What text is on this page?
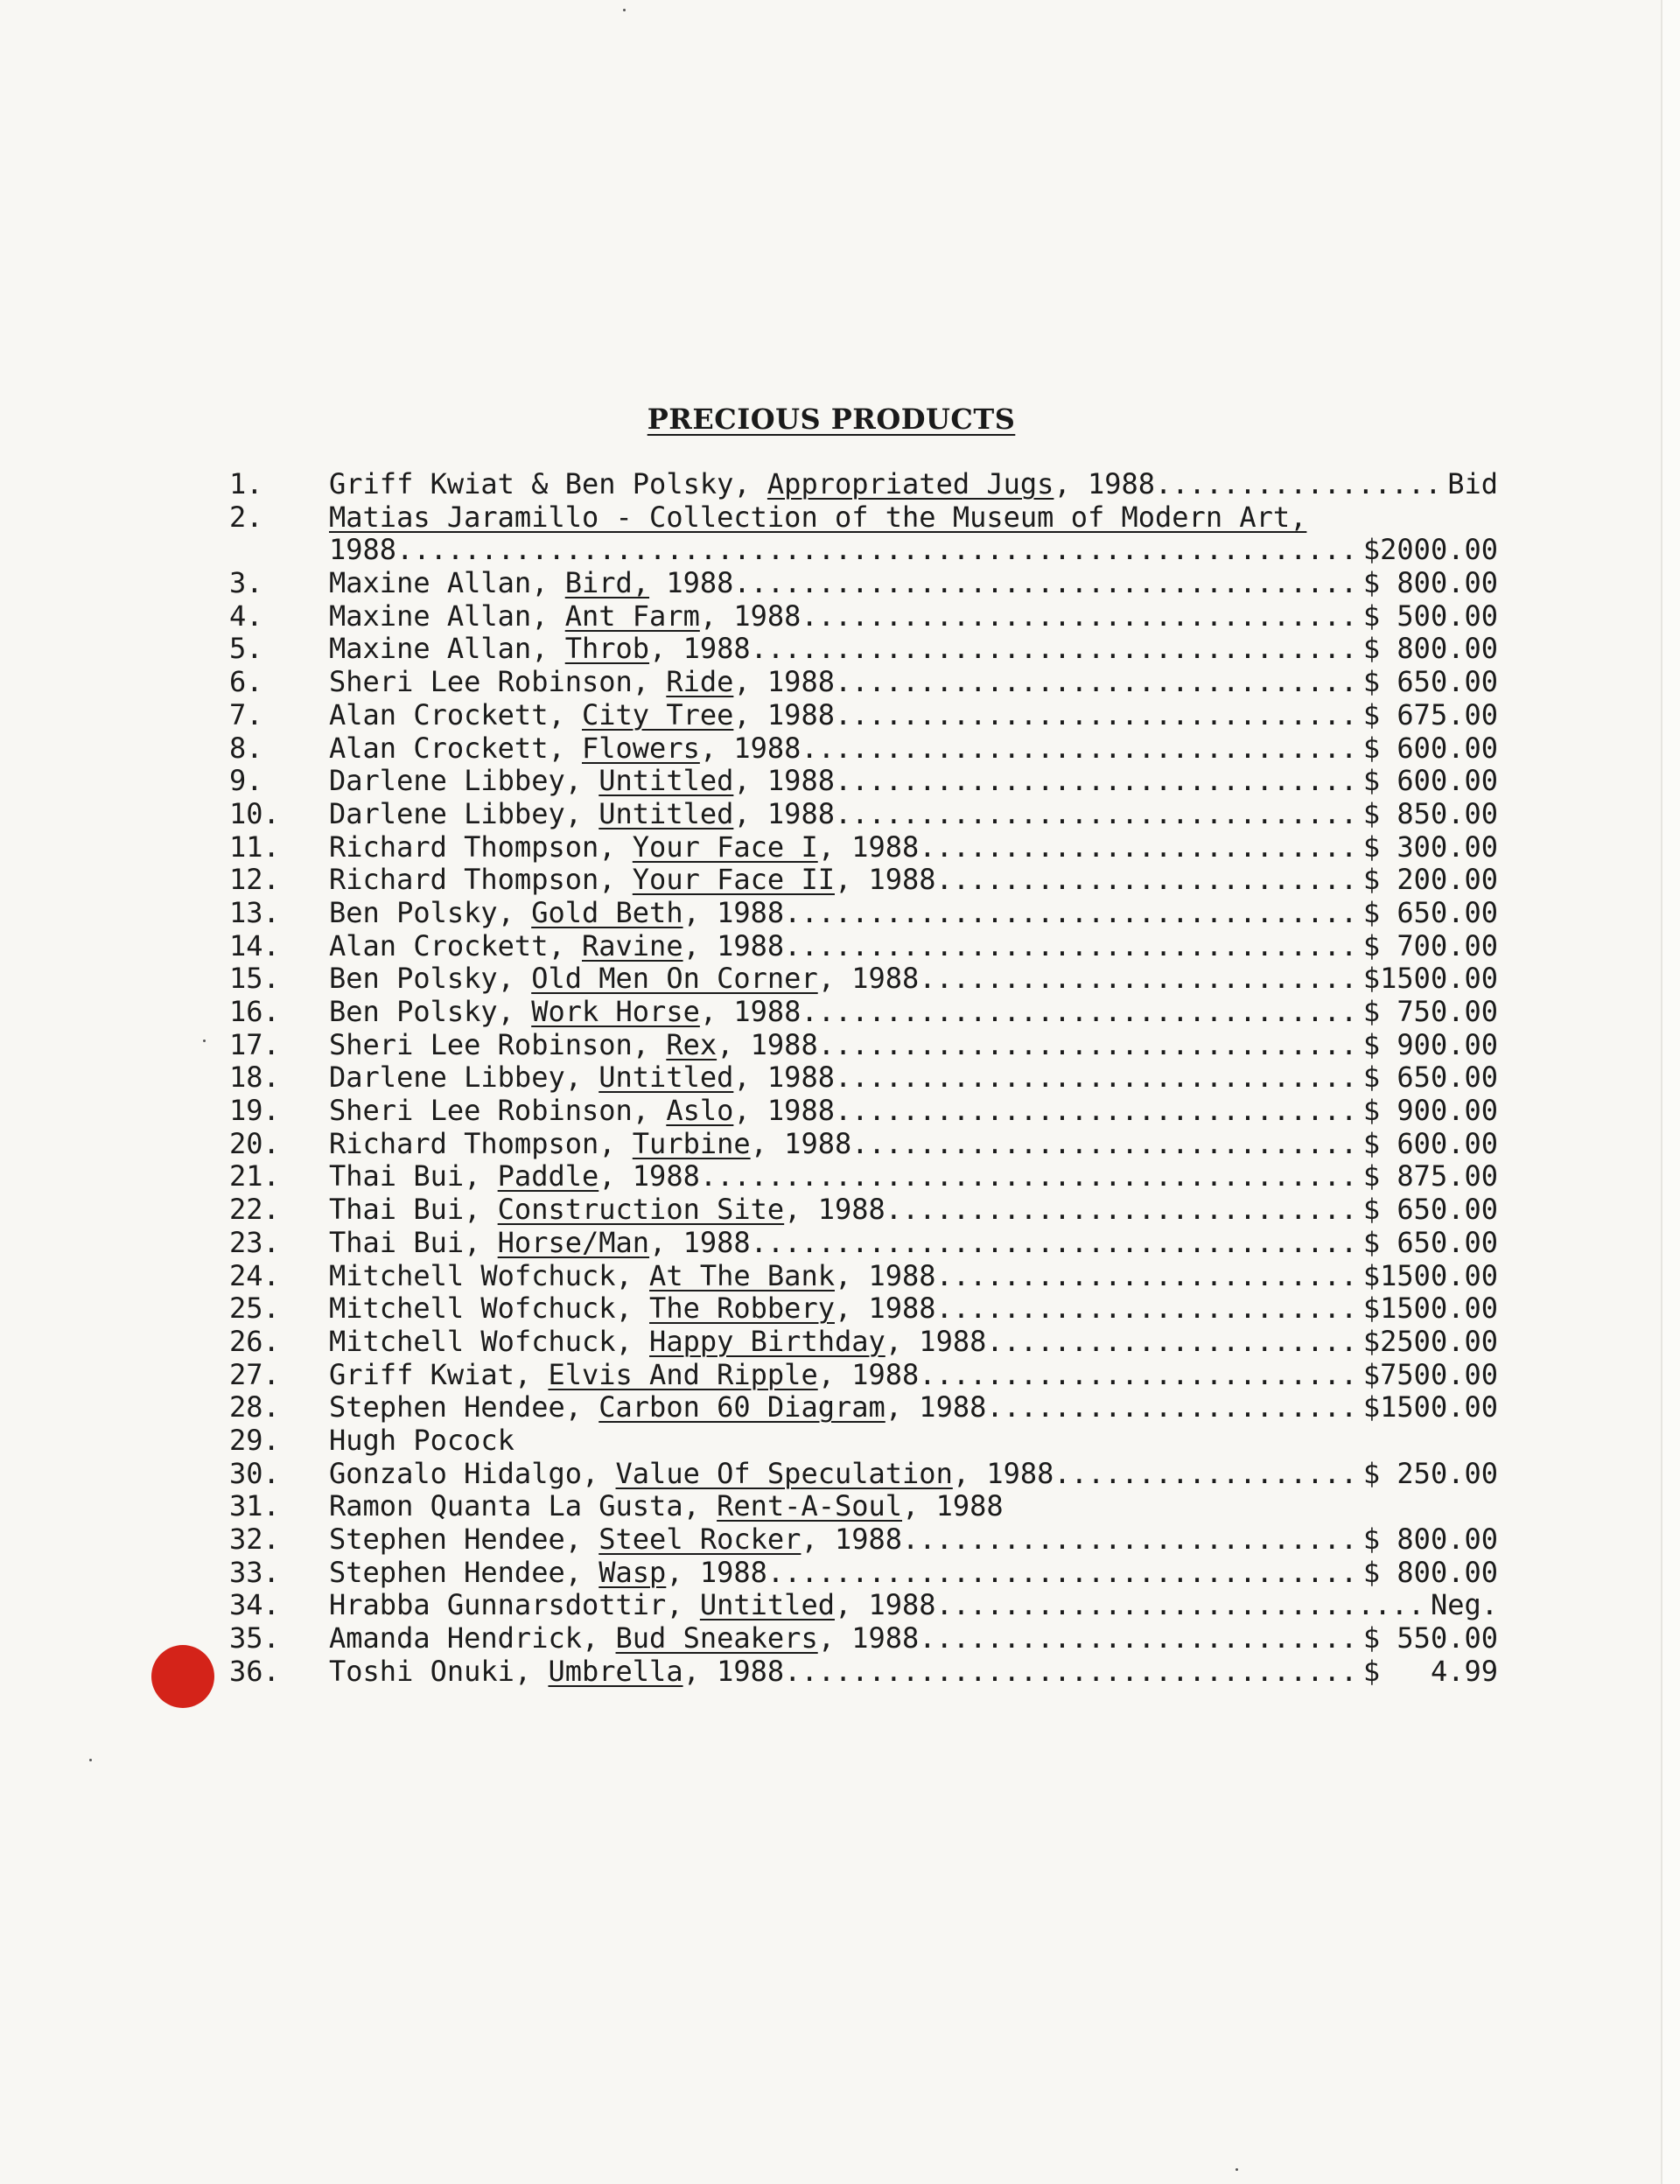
PRECIOUS PRODUCTS
1.	Griff Kwiat & Ben Polsky, Appropriated Jugs, 1988 .....	Bid
2.	Matias Jaramillo - Collection of the Museum of Modern Art,
1988 .....	$2000.00
3.	Maxine Allan, Bird, 1988 .....	$ 800.00
4.	Maxine Allan, Ant Farm, 1988 .....	$ 500.00
5.	Maxine Allan, Throb, 1988 .....	$ 800.00
6.	Sheri Lee Robinson, Ride, 1988 .....	$ 650.00
7.	Alan Crockett, City Tree, 1988 .....	$ 675.00
8.	Alan Crockett, Flowers, 1988 .....	$ 600.00
9.	Darlene Libbey, Untitled, 1988 .....	$ 600.00
10.	Darlene Libbey, Untitled, 1988 .....	$ 850.00
11.	Richard Thompson, Your Face I, 1988 .....	$ 300.00
12.	Richard Thompson, Your Face II, 1988 .....	$ 200.00
13.	Ben Polsky, Gold Beth, 1988 .....	$ 650.00
14.	Alan Crockett, Ravine, 1988 .....	$ 700.00
15.	Ben Polsky, Old Men On Corner, 1988 .....	$1500.00
16.	Ben Polsky, Work Horse, 1988 .....	$ 750.00
17.	Sheri Lee Robinson, Rex, 1988 .....	$ 900.00
18.	Darlene Libbey, Untitled, 1988 .....	$ 650.00
19.	Sheri Lee Robinson, Aslo, 1988 .....	$ 900.00
20.	Richard Thompson, Turbine, 1988 .....	$ 600.00
21.	Thai Bui, Paddle, 1988 .....	$ 875.00
22.	Thai Bui, Construction Site, 1988 .....	$ 650.00
23.	Thai Bui, Horse/Man, 1988 .....	$ 650.00
24.	Mitchell Wofchuck, At The Bank, 1988 .....	$1500.00
25.	Mitchell Wofchuck, The Robbery, 1988 .....	$1500.00
26.	Mitchell Wofchuck, Happy Birthday, 1988 .....	$2500.00
27.	Griff Kwiat, Elvis And Ripple, 1988 .....	$7500.00
28.	Stephen Hendee, Carbon 60 Diagram, 1988 .....	$1500.00
29.	Hugh Pocock
30.	Gonzalo Hidalgo, Value Of Speculation, 1988 .....	$ 250.00
31.	Ramon Quanta La Gusta, Rent-A-Soul, 1988
32.	Stephen Hendee, Steel Rocker, 1988 .....	$ 800.00
33.	Stephen Hendee, Wasp, 1988 .....	$ 800.00
34.	Hrabba Gunnarsdottir, Untitled, 1988 .....	Neg.
35.	Amanda Hendrick, Bud Sneakers, 1988 .....	$ 550.00
36.	Toshi Onuki, Umbrella, 1988 .....	$   4.99
